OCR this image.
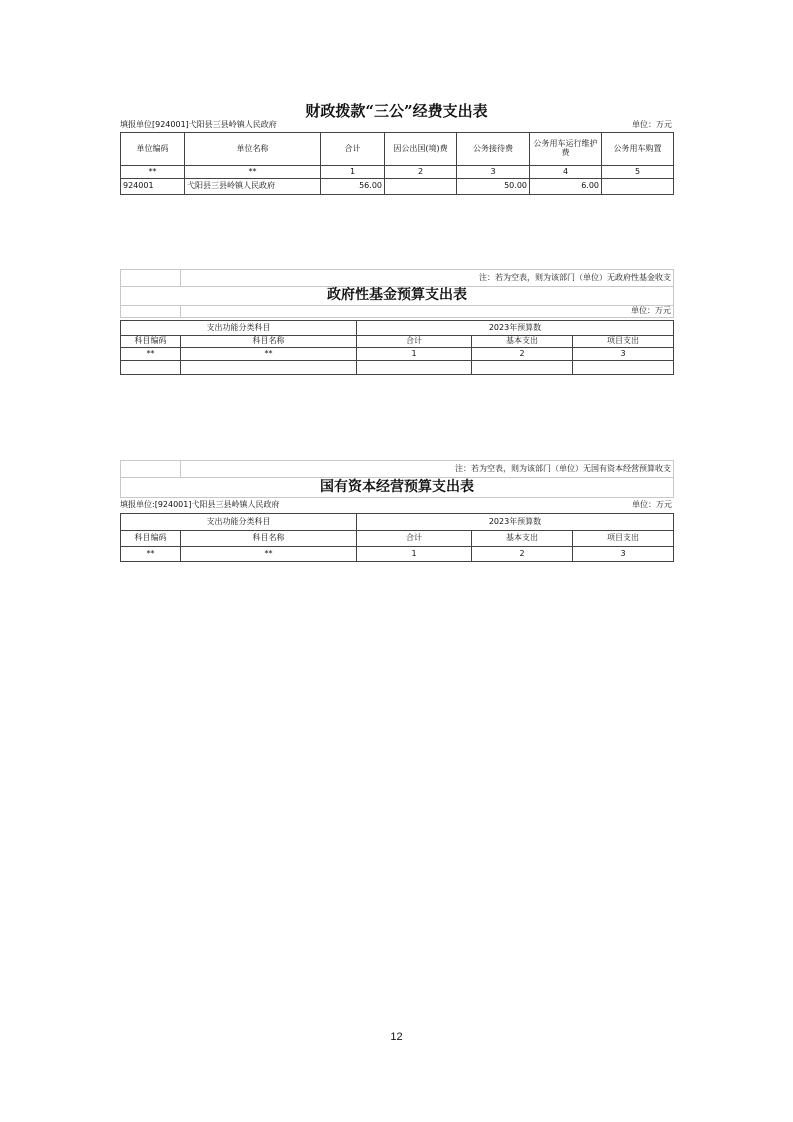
财政拨款“三公”经费支出表
填报单位[924001]弋阳县三县岭镇人民政府	单位：万元
单位编码	单位名称	合计	因公出国(境)费	公务接待费	公务用车运行维护费	公务用车购置
**	**	1	2	3	4	5
924001	弋阳县三县岭镇人民政府	56.00		50.00	6.00	
	注：若为空表，则为该部门（单位）无政府性基金收支
政府性基金预算支出表	
	单位：万元
支出功能分类科目		2023年预算数		
科目编码	科目名称	合计	基本支出	项目支出
**	**	1	2	3

	注：若为空表，则为该部门（单位）无国有资本经营预算收支
国有资本经营预算支出表
填报单位:[924001]弋阳县三县岭镇人民政府	单位：万元
支出功能分类科目		2023年预算数		
科目编码	科目名称	合计	基本支出	项目支出
**	**	1	2	3
12
